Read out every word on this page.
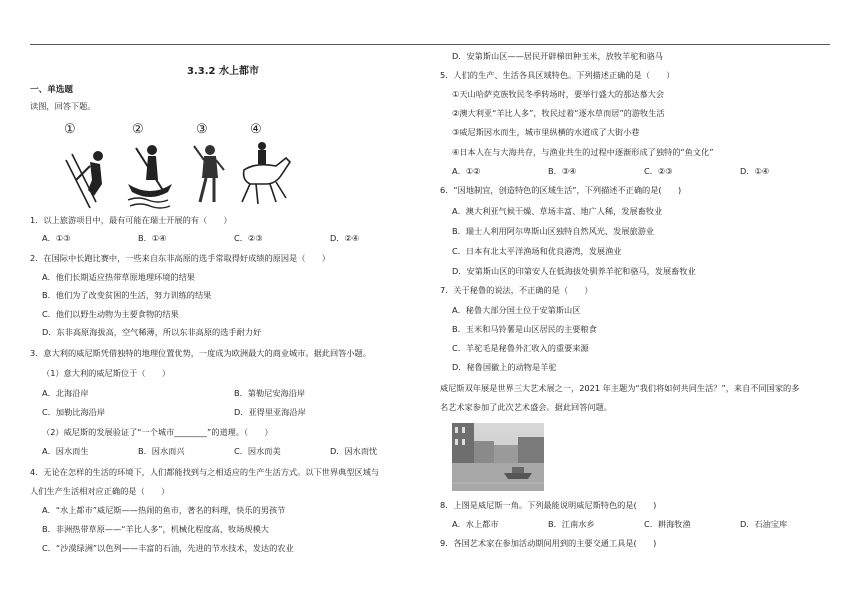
3.3.2 水上都市
一、单选题
读图，回答下题。
①	②	③	④
1．以上旅游项目中，最有可能在瑞士开展的有（　　）
A．①③	B．①④	C．②③	D．②④
2．在国际中长跑比赛中，一些来自东非高原的选手常取得好成绩的原因是（　　）
A．他们长期适应热带草原地理环境的结果
B．他们为了改变贫困的生活，努力训练的结果
C．他们以野生动物为主要食物的结果
D．东非高原海拔高，空气稀薄，所以东非高原的选手耐力好
3．意大利的威尼斯凭借独特的地理位置优势，一度成为欧洲最大的商业城市。据此回答小题。
（1）意大利的威尼斯位于（　　）
A．北海沿岸	B．第勒尼安海沿岸
C．加勒比海沿岸	D．亚得里亚海沿岸
（2）威尼斯的发展验证了“一个城市________”的道理。（　　）
A．因水而生	B．因水而兴	C．因水而美	D．因水而忧
4．无论在怎样的生活的环境下，人们都能找到与之相适应的生产生活方式。以下世界典型区域与
人们生产生活相对应正确的是（　　）
A．“水上都市”威尼斯——热闹的鱼市，著名的料理，快乐的男孩节
B．非洲热带草原——“羊比人多”，机械化程度高，牧场规模大
C．“沙漠绿洲”以色列——丰富的石油，先进的节水技术，发达的农业
D．安第斯山区——居民开辟梯田种玉米，放牧羊驼和骆马
5．人们的生产、生活各具区域特色。下列描述正确的是（　　）
①天山哈萨克族牧民冬季转场时，要举行盛大的那达慕大会
②澳大利亚“羊比人多”，牧民过着“逐水草而居”的游牧生活
③威尼斯因水而生，城市里纵横的水道成了大街小巷
④日本人在与大海共存，与渔业共生的过程中逐渐形成了独特的“鱼文化”
A．①②	B．③④	C．②③	D．①④
6．“因地制宜，创造特色的区域生活”，下列描述不正确的是(　　)
A．澳大利亚气候干燥、草场丰富、地广人稀，发展畜牧业
B．瑞士人利用阿尔卑斯山区独特自然风光，发展旅游业
C．日本有北太平洋渔场和优良港湾，发展渔业
D．安第斯山区的印第安人在低海拔处驯养羊驼和骆马，发展畜牧业
7．关于秘鲁的说法，不正确的是（　　）
A．秘鲁大部分国土位于安第斯山区
B．玉米和马铃薯是山区居民的主要粮食
C．羊驼毛是秘鲁外汇收入的重要来源
D．秘鲁国徽上的动物是羊驼
威尼斯双年展是世界三大艺术展之一，2021 年主题为“我们将如何共同生活？”，来自不同国家的多
名艺术家参加了此次艺术盛会。据此回答问题。
8．上图是威尼斯一角。下列最能说明威尼斯特色的是(　　)
A．水上都市	B．江南水乡	C．耕海牧渔	D．石油宝库
9．各国艺术家在参加活动期间用到的主要交通工具是(　　)
